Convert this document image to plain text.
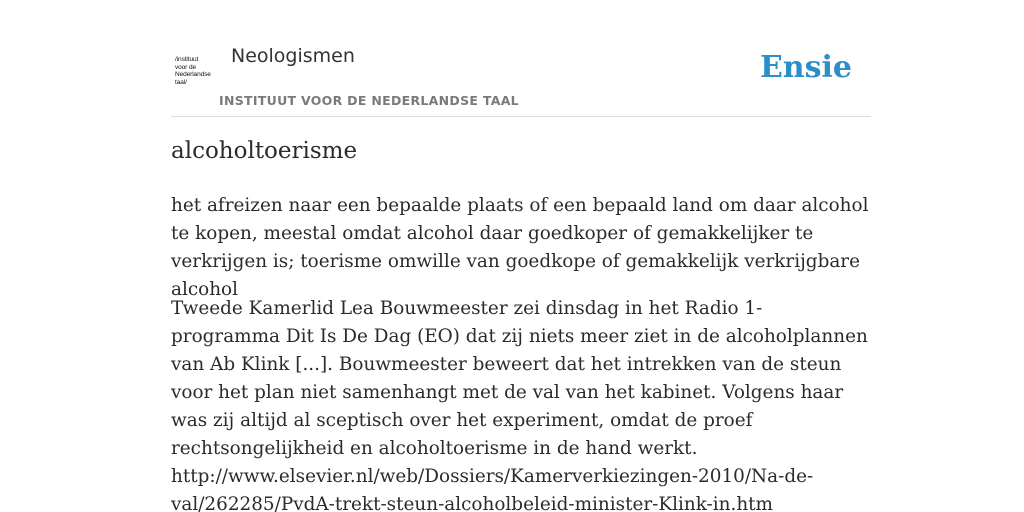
/instituut
voor de
Nederlandse
taal/
Neologismen
INSTITUUT VOOR DE NEDERLANDSE TAAL
Ensie
alcoholtoerisme

het afreizen naar een bepaalde plaats of een bepaald land om daar alcohol te kopen, meestal omdat alcohol daar goedkoper of gemakkelijker te verkrijgen is; toerisme omwille van goedkope of gemakkelijk verkrijgbare alcohol

Tweede Kamerlid Lea Bouwmeester zei dinsdag in het Radio 1-programma Dit Is De Dag (EO) dat zij niets meer ziet in de alcoholplannen van Ab Klink [...]. Bouwmeester beweert dat het intrekken van de steun voor het plan niet samenhangt met de val van het kabinet. Volgens haar was zij altijd al sceptisch over het experiment, omdat de proef rechtsongelijkheid en alcoholtoerisme in de hand werkt.
http://www.elsevier.nl/web/Dossiers/Kamerverkiezingen-2010/Na-de-
val/262285/PvdA-trekt-steun-alcoholbeleid-minister-Klink-in.htm
